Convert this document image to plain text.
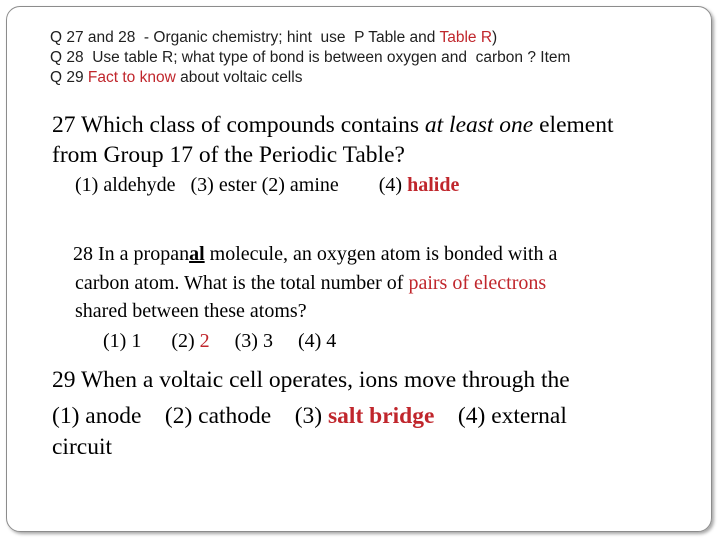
Q 27 and 28  - Organic chemistry; hint  use  P Table and Table R)
Q 28  Use table R; what type of bond is between oxygen and  carbon ? Item
Q 29 Fact to know about voltaic cells
27 Which class of compounds contains at least one element
from Group 17 of the Periodic Table?
(1) aldehyde   (3) ester (2) amine        (4) halide
28 In a propanal molecule, an oxygen atom is bonded with a
carbon atom. What is the total number of pairs of electrons
shared between these atoms?
(1) 1      (2) 2     (3) 3     (4) 4
29 When a voltaic cell operates, ions move through the
(1) anode    (2) cathode    (3) salt bridge    (4) external
circuit
